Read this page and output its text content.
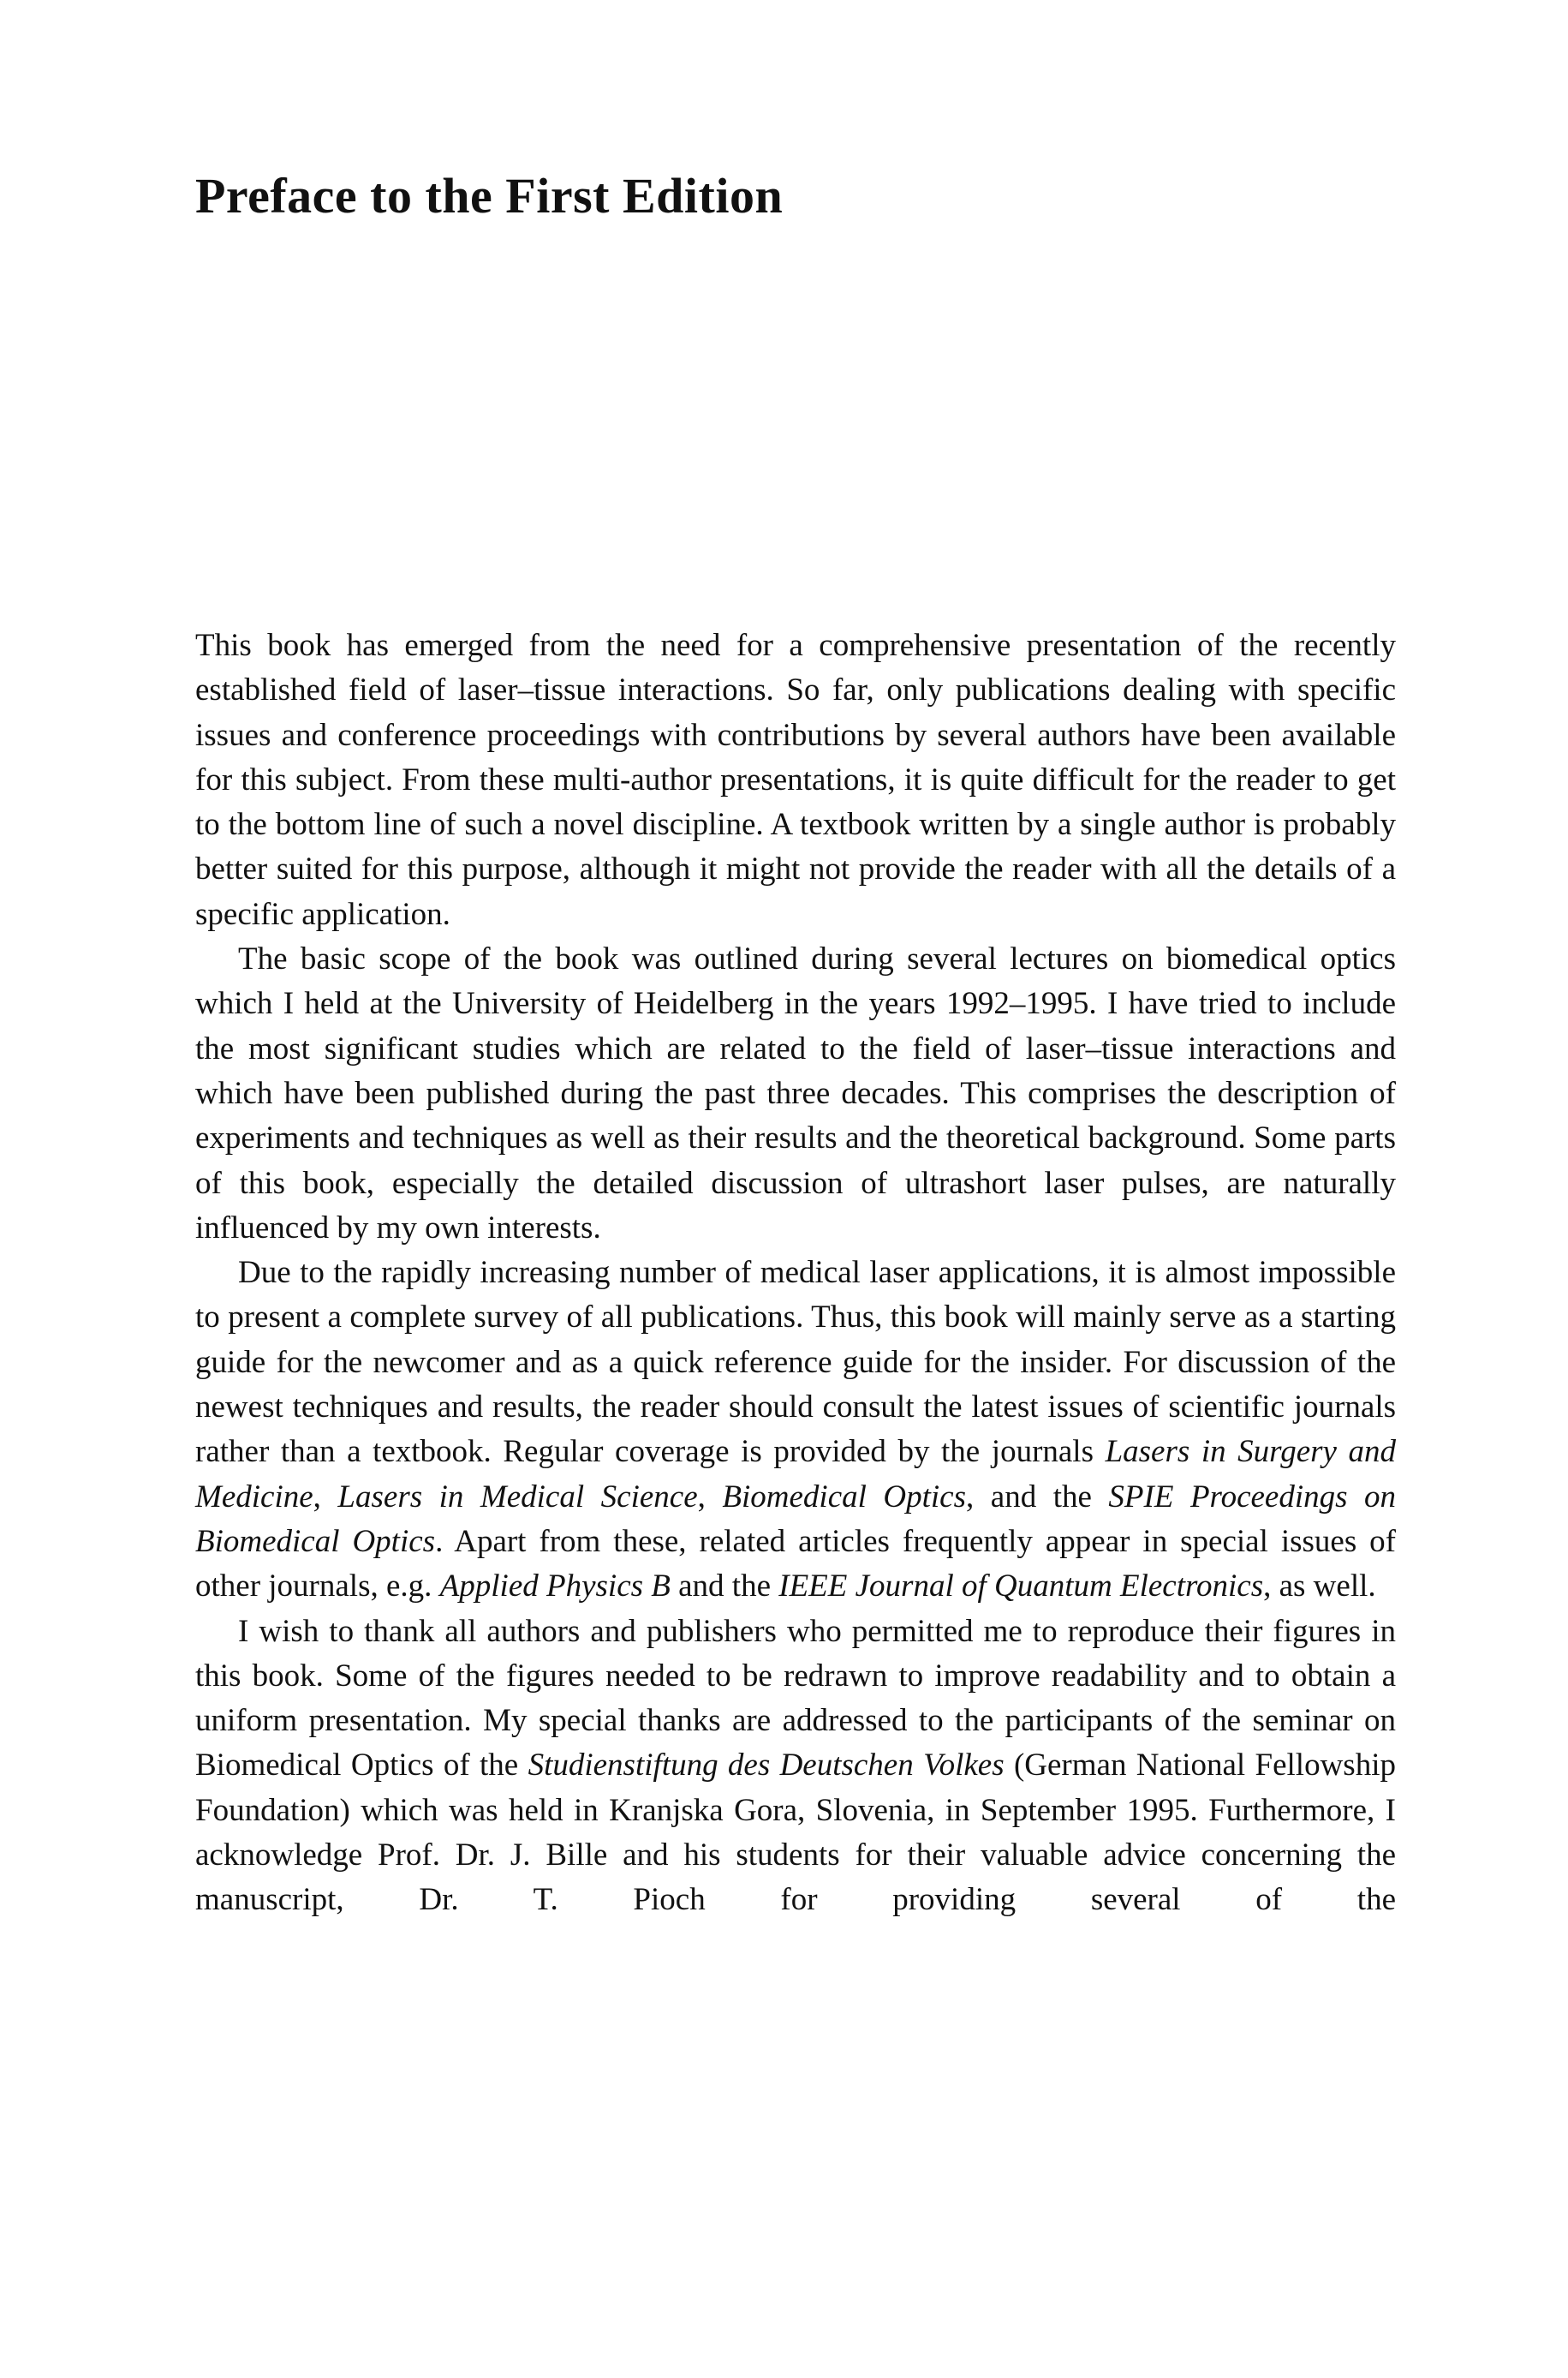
Preface to the First Edition

This book has emerged from the need for a comprehensive presentation of the recently established field of laser–tissue interactions. So far, only publications dealing with specific issues and conference proceedings with contributions by several authors have been available for this subject. From these multi-author presentations, it is quite difficult for the reader to get to the bottom line of such a novel discipline. A textbook written by a single author is probably better suited for this purpose, although it might not provide the reader with all the details of a specific application.

The basic scope of the book was outlined during several lectures on biomedical optics which I held at the University of Heidelberg in the years 1992–1995. I have tried to include the most significant studies which are related to the field of laser–tissue interactions and which have been published during the past three decades. This comprises the description of experiments and techniques as well as their results and the theoretical background. Some parts of this book, especially the detailed discussion of ultrashort laser pulses, are naturally influenced by my own interests.

Due to the rapidly increasing number of medical laser applications, it is almost impossible to present a complete survey of all publications. Thus, this book will mainly serve as a starting guide for the newcomer and as a quick reference guide for the insider. For discussion of the newest techniques and results, the reader should consult the latest issues of scientific journals rather than a textbook. Regular coverage is provided by the journals Lasers in Surgery and Medicine, Lasers in Medical Science, Biomedical Optics, and the SPIE Proceedings on Biomedical Optics. Apart from these, related articles frequently appear in special issues of other journals, e.g. Applied Physics B and the IEEE Journal of Quantum Electronics, as well.

I wish to thank all authors and publishers who permitted me to reproduce their figures in this book. Some of the figures needed to be redrawn to improve readability and to obtain a uniform presentation. My special thanks are addressed to the participants of the seminar on Biomedical Optics of the Studienstiftung des Deutschen Volkes (German National Fellowship Foundation) which was held in Kranjska Gora, Slovenia, in September 1995. Furthermore, I acknowledge Prof. Dr. J. Bille and his students for their valuable advice concerning the manuscript, Dr. T. Pioch for providing several of the
